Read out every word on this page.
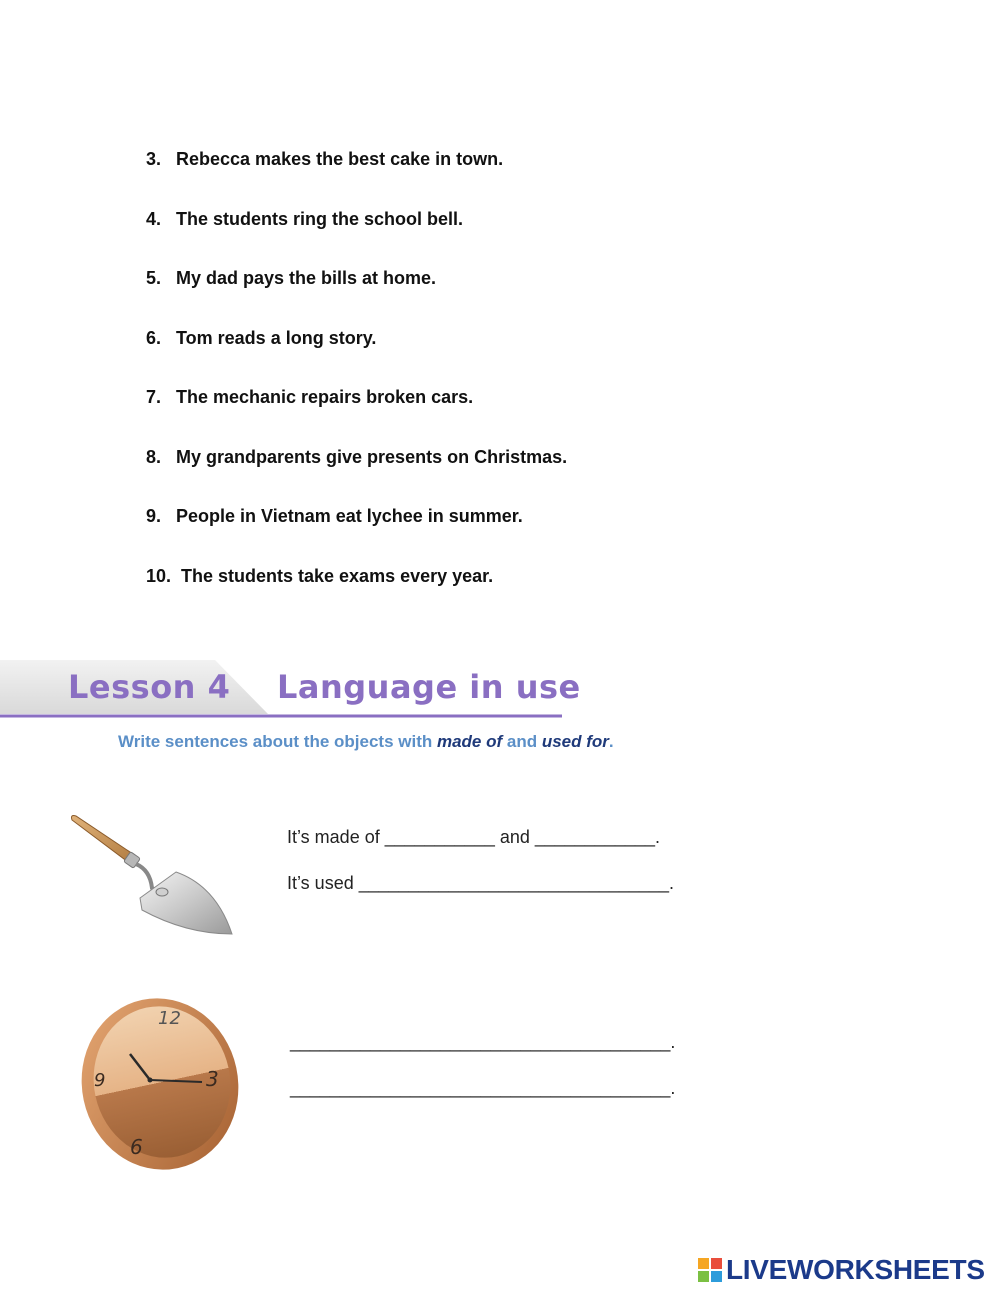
3. Rebecca makes the best cake in town.
4. The students ring the school bell.
5. My dad pays the bills at home.
6. Tom reads a long story.
7. The mechanic repairs broken cars.
8. My grandparents give presents on Christmas.
9. People in Vietnam eat lychee in summer.
10. The students take exams every year.
Lesson 4 Language in use
Write sentences about the objects with made of and used for.
It’s made of ___________ and ____________.
It’s used _______________________________.
12
3
6
9
______________________________________.
______________________________________.
LIVEWORKSHEETS
